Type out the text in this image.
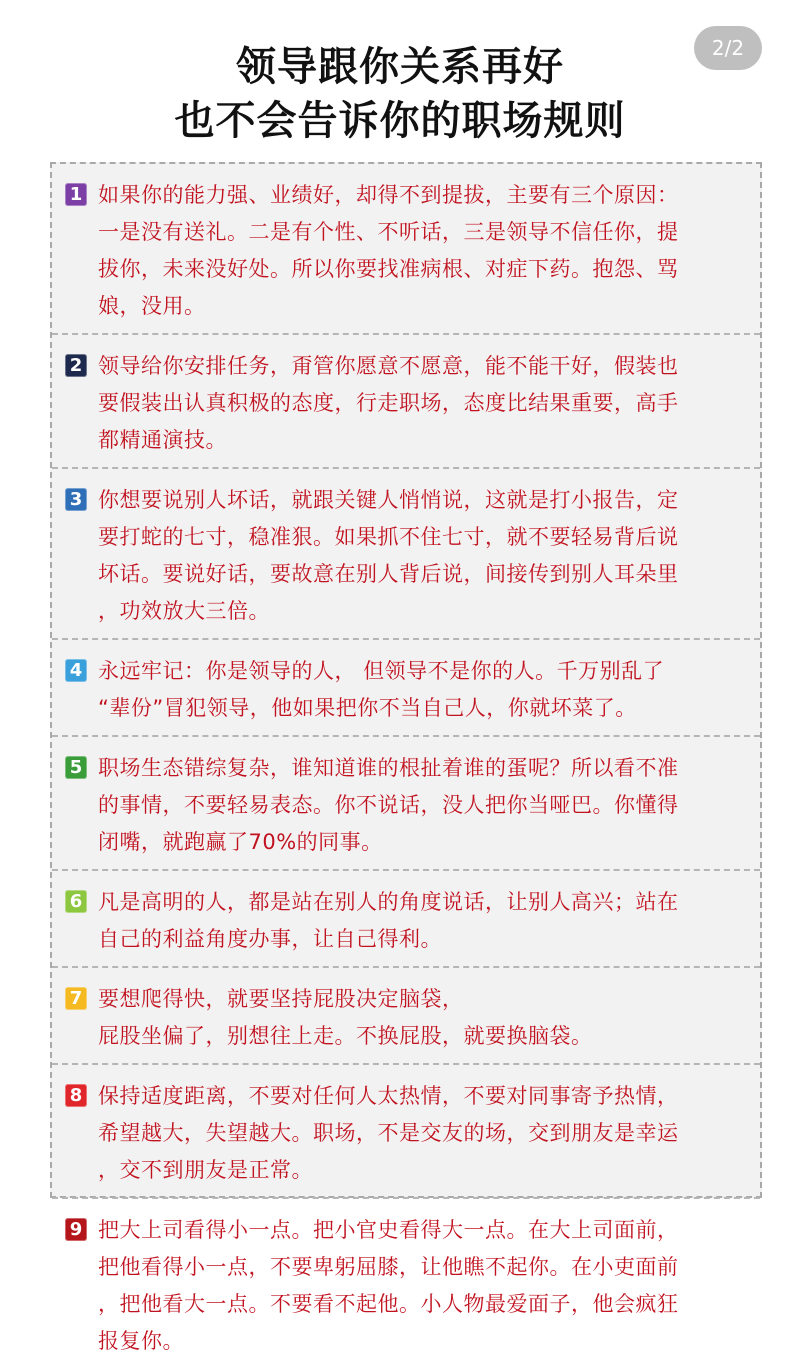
2/2
领导跟你关系再好
也不会告诉你的职场规则
1 如果你的能力强、业绩好，却得不到提拔，主要有三个原因：
一是没有送礼。二是有个性、不听话，三是领导不信任你，提
拔你，未来没好处。所以你要找准病根、对症下药。抱怨、骂
娘，没用。
2 领导给你安排任务，甭管你愿意不愿意，能不能干好，假装也
要假装出认真积极的态度，行走职场，态度比结果重要，高手
都精通演技。
3 你想要说别人坏话，就跟关键人悄悄说，这就是打小报告，定
要打蛇的七寸，稳准狠。如果抓不住七寸，就不要轻易背后说
坏话。要说好话，要故意在别人背后说，间接传到别人耳朵里
，功效放大三倍。
4 永远牢记：你是领导的人， 但领导不是你的人。千万别乱了
“辈份”冒犯领导，他如果把你不当自己人，你就坏菜了。
5 职场生态错综复杂，谁知道谁的根扯着谁的蛋呢？所以看不准
的事情，不要轻易表态。你不说话，没人把你当哑巴。你懂得
闭嘴，就跑赢了70%的同事。
6 凡是高明的人，都是站在别人的角度说话，让别人高兴；站在
自己的利益角度办事，让自己得利。
7 要想爬得快，就要坚持屁股决定脑袋，
屁股坐偏了，别想往上走。不换屁股，就要换脑袋。
8 保持适度距离，不要对任何人太热情，不要对同事寄予热情，
希望越大，失望越大。职场，不是交友的场，交到朋友是幸运
，交不到朋友是正常。
9 把大上司看得小一点。把小官史看得大一点。在大上司面前，
把他看得小一点，不要卑躬屈膝，让他瞧不起你。在小吏面前
，把他看大一点。不要看不起他。小人物最爱面子，他会疯狂
报复你。
